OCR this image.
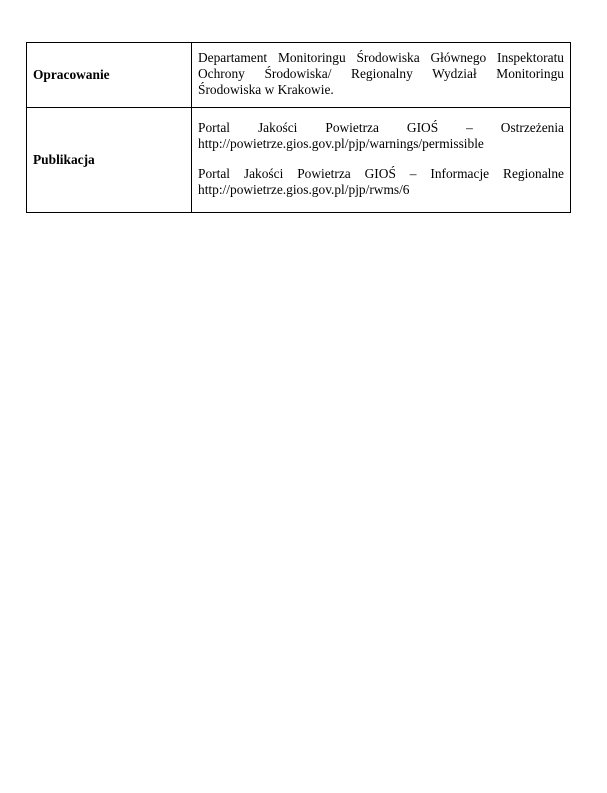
Opracowanie	Departament Monitoringu Środowiska Głównego Inspektoratu

Ochrony Środowiska/ Regionalny Wydział Monitoringu

Środowiska w Krakowie.

Publikacja	Portal Jakości Powietrza GIOŚ – Ostrzeżenia

http://powietrze.gios.gov.pl/pjp/warnings/permissible

Portal Jakości Powietrza GIOŚ – Informacje Regionalne

http://powietrze.gios.gov.pl/pjp/rwms/6
